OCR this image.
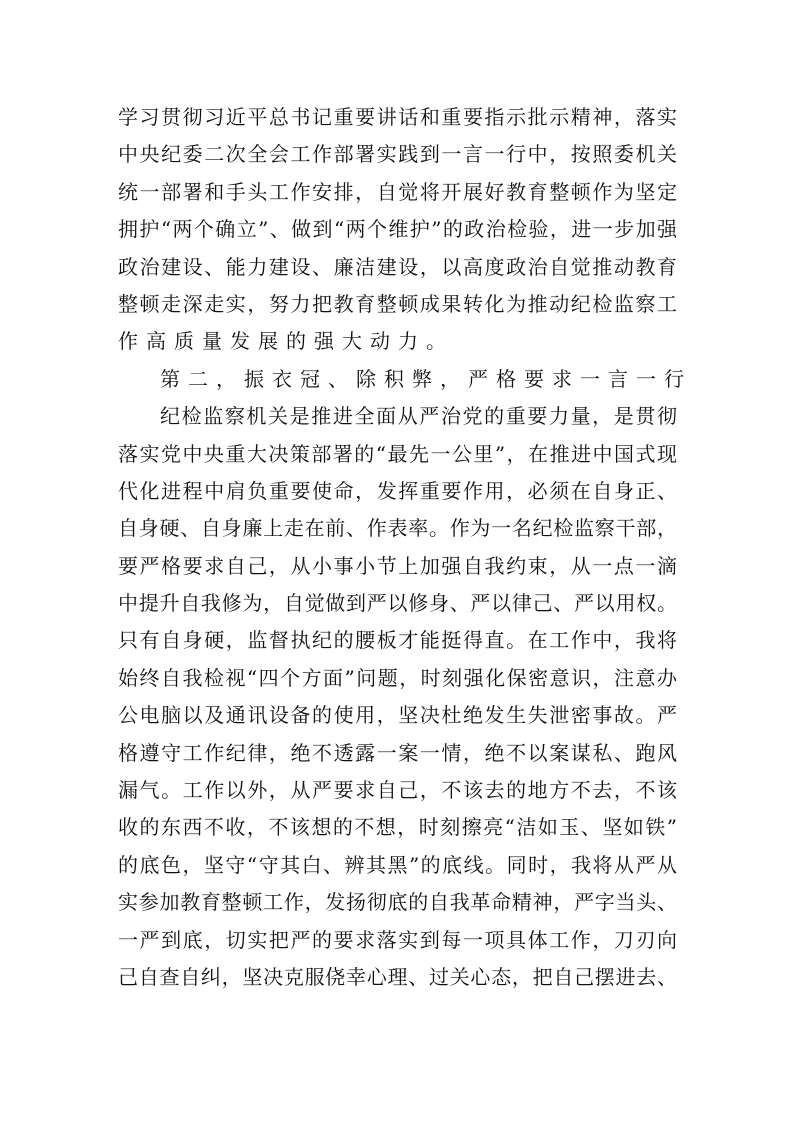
学习贯彻习近平总书记重要讲话和重要指示批示精神，落实
中央纪委二次全会工作部署实践到一言一行中，按照委机关
统一部署和手头工作安排，自觉将开展好教育整顿作为坚定
拥护“两个确立”、做到“两个维护”的政治检验，进一步加强
政治建设、能力建设、廉洁建设，以高度政治自觉推动教育
整顿走深走实，努力把教育整顿成果转化为推动纪检监察工
作高质量发展的强大动力。
第二，振衣冠、除积弊，严格要求一言一行
纪检监察机关是推进全面从严治党的重要力量，是贯彻
落实党中央重大决策部署的“最先一公里”，在推进中国式现
代化进程中肩负重要使命，发挥重要作用，必须在自身正、
自身硬、自身廉上走在前、作表率。作为一名纪检监察干部，
要严格要求自己，从小事小节上加强自我约束，从一点一滴
中提升自我修为，自觉做到严以修身、严以律己、严以用权。
只有自身硬，监督执纪的腰板才能挺得直。在工作中，我将
始终自我检视“四个方面”问题，时刻强化保密意识，注意办
公电脑以及通讯设备的使用，坚决杜绝发生失泄密事故。严
格遵守工作纪律，绝不透露一案一情，绝不以案谋私、跑风
漏气。工作以外，从严要求自己，不该去的地方不去，不该
收的东西不收，不该想的不想，时刻擦亮“洁如玉、坚如铁”
的底色，坚守“守其白、辨其黑”的底线。同时，我将从严从
实参加教育整顿工作，发扬彻底的自我革命精神，严字当头、
一严到底，切实把严的要求落实到每一项具体工作，刀刃向
己自查自纠，坚决克服侥幸心理、过关心态，把自己摆进去、
